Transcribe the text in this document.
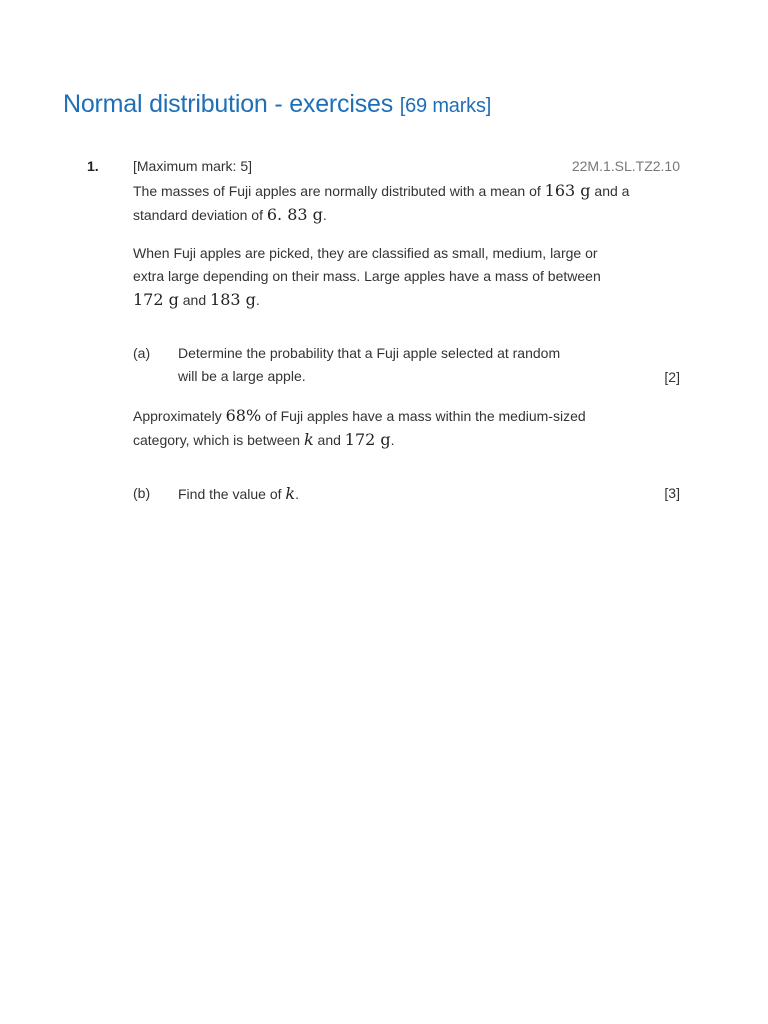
Normal distribution - exercises [69 marks]
1. [Maximum mark: 5]	22M.1.SL.TZ2.10
The masses of Fuji apples are normally distributed with a mean of 163 g and a standard deviation of 6. 83 g.
When Fuji apples are picked, they are classified as small, medium, large or extra large depending on their mass. Large apples have a mass of between 172 g and 183 g.
(a) Determine the probability that a Fuji apple selected at random will be a large apple.	[2]
Approximately 68% of Fuji apples have a mass within the medium-sized category, which is between k and 172 g.
(b) Find the value of k.	[3]
